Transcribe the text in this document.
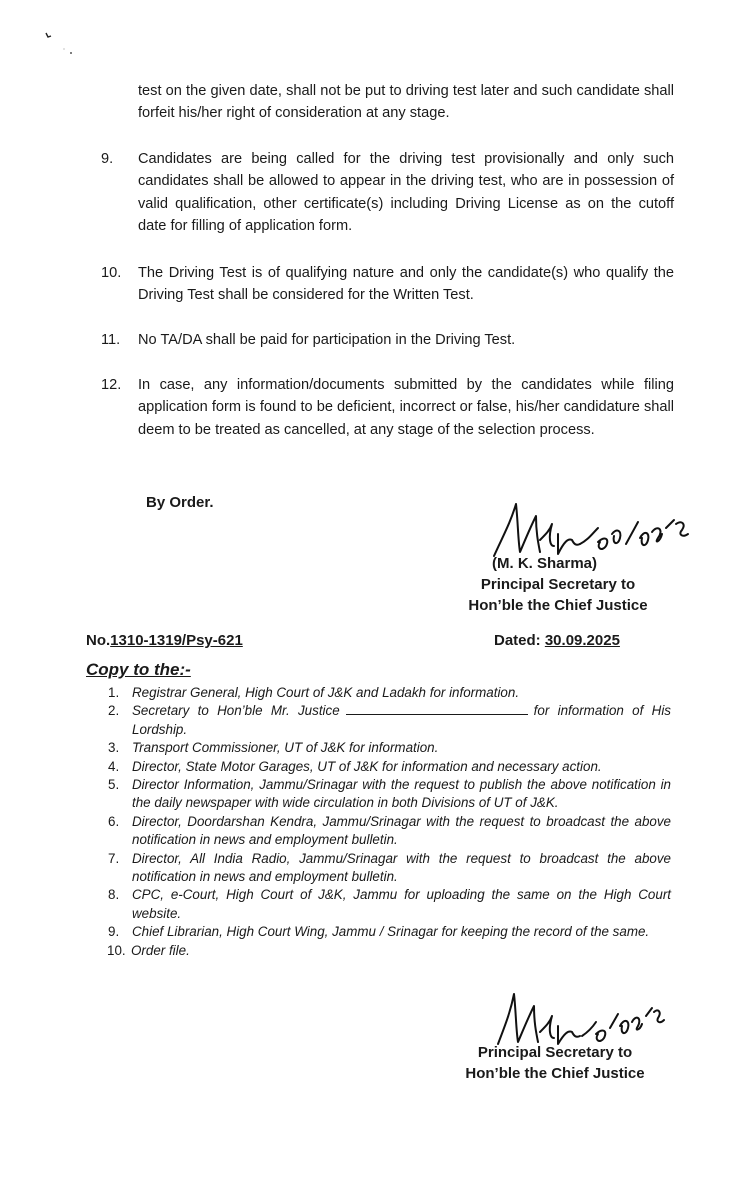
test on the given date, shall not be put to driving test later and such candidate shall forfeit his/her right of consideration at any stage.
9. Candidates are being called for the driving test provisionally and only such candidates shall be allowed to appear in the driving test, who are in possession of valid qualification, other certificate(s) including Driving License as on the cutoff date for filling of application form.
10. The Driving Test is of qualifying nature and only the candidate(s) who qualify the Driving Test shall be considered for the Written Test.
11. No TA/DA shall be paid for participation in the Driving Test.
12. In case, any information/documents submitted by the candidates while filing application form is found to be deficient, incorrect or false, his/her candidature shall deem to be treated as cancelled, at any stage of the selection process.
By Order.
(M. K. Sharma)
Principal Secretary to
Hon’ble the Chief Justice
No.1310-1319/Psy-621	Dated: 30.09.2025
Copy to the:-
1. Registrar General, High Court of J&K and Ladakh for information.
2. Secretary to Hon’ble Mr. Justice	for information of His Lordship.
3. Transport Commissioner, UT of J&K for information.
4. Director, State Motor Garages, UT of J&K for information and necessary action.
5. Director Information, Jammu/Srinagar with the request to publish the above notification in the daily newspaper with wide circulation in both Divisions of UT of J&K.
6. Director, Doordarshan Kendra, Jammu/Srinagar with the request to broadcast the above notification in news and employment bulletin.
7. Director, All India Radio, Jammu/Srinagar with the request to broadcast the above notification in news and employment bulletin.
8. CPC, e-Court, High Court of J&K, Jammu for uploading the same on the High Court website.
9. Chief Librarian, High Court Wing, Jammu / Srinagar for keeping the record of the same.
10. Order file.
Principal Secretary to
Hon’ble the Chief Justice
